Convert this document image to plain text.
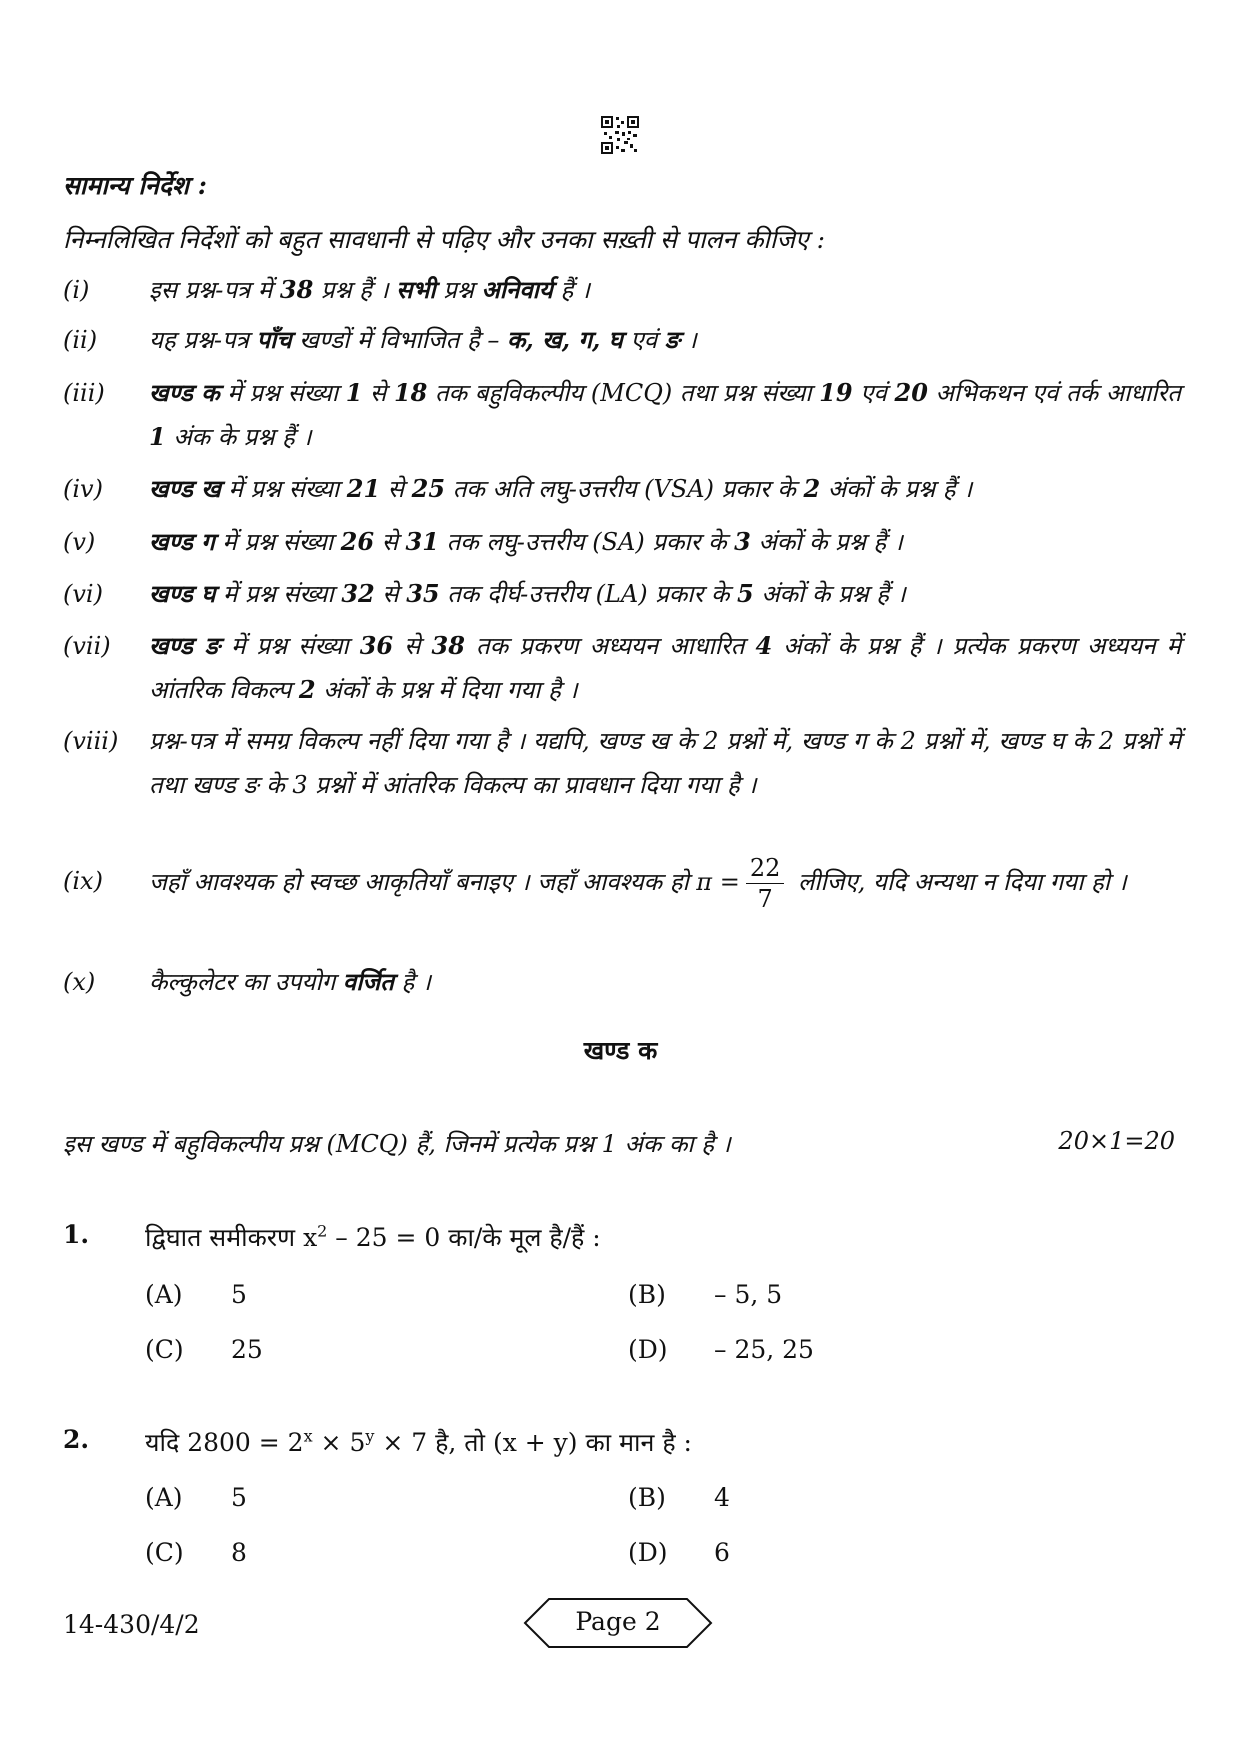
सामान्य निर्देश :
निम्नलिखित निर्देशों को बहुत सावधानी से पढ़िए और उनका सख़्ती से पालन कीजिए :
(i)	इस प्रश्न-पत्र में 38 प्रश्न हैं । सभी प्रश्न अनिवार्य हैं ।
(ii)	यह प्रश्न-पत्र पाँच खण्डों में विभाजित है – क, ख, ग, घ एवं ङ ।
(iii)	खण्ड क में प्रश्न संख्या 1 से 18 तक बहुविकल्पीय (MCQ) तथा प्रश्न संख्या 19 एवं 20 अभिकथन एवं तर्क आधारित 1 अंक के प्रश्न हैं ।
(iv)	खण्ड ख में प्रश्न संख्या 21 से 25 तक अति लघु-उत्तरीय (VSA) प्रकार के 2 अंकों के प्रश्न हैं ।
(v)	खण्ड ग में प्रश्न संख्या 26 से 31 तक लघु-उत्तरीय (SA) प्रकार के 3 अंकों के प्रश्न हैं ।
(vi)	खण्ड घ में प्रश्न संख्या 32 से 35 तक दीर्घ-उत्तरीय (LA) प्रकार के 5 अंकों के प्रश्न हैं ।
(vii)	खण्ड ङ में प्रश्न संख्या 36 से 38 तक प्रकरण अध्ययन आधारित 4 अंकों के प्रश्न हैं । प्रत्येक प्रकरण अध्ययन में आंतरिक विकल्प 2 अंकों के प्रश्न में दिया गया है ।
(viii)	प्रश्न-पत्र में समग्र विकल्प नहीं दिया गया है । यद्यपि, खण्ड ख के 2 प्रश्नों में, खण्ड ग के 2 प्रश्नों में, खण्ड घ के 2 प्रश्नों में तथा खण्ड ङ के 3 प्रश्नों में आंतरिक विकल्प का प्रावधान दिया गया है ।
(ix)	जहाँ आवश्यक हो स्वच्छ आकृतियाँ बनाइए । जहाँ आवश्यक हो $\pi = \frac{22}{7}$ लीजिए, यदि अन्यथा न दिया गया हो ।
(x)	कैल्कुलेटर का उपयोग वर्जित है ।
खण्ड क
इस खण्ड में बहुविकल्पीय प्रश्न (MCQ) हैं, जिनमें प्रत्येक प्रश्न 1 अंक का है ।	20×1=20
1. द्विघात समीकरण $x^2 - 25 = 0$ का/के मूल है/हैं :
(A) 5	(B) – 5, 5
(C) 25	(D) – 25, 25
2. यदि $2800 = 2^x \times 5^y \times 7$ है, तो (x + y) का मान है :
(A) 5	(B) 4
(C) 8	(D) 6
14-430/4/2	Page 2
